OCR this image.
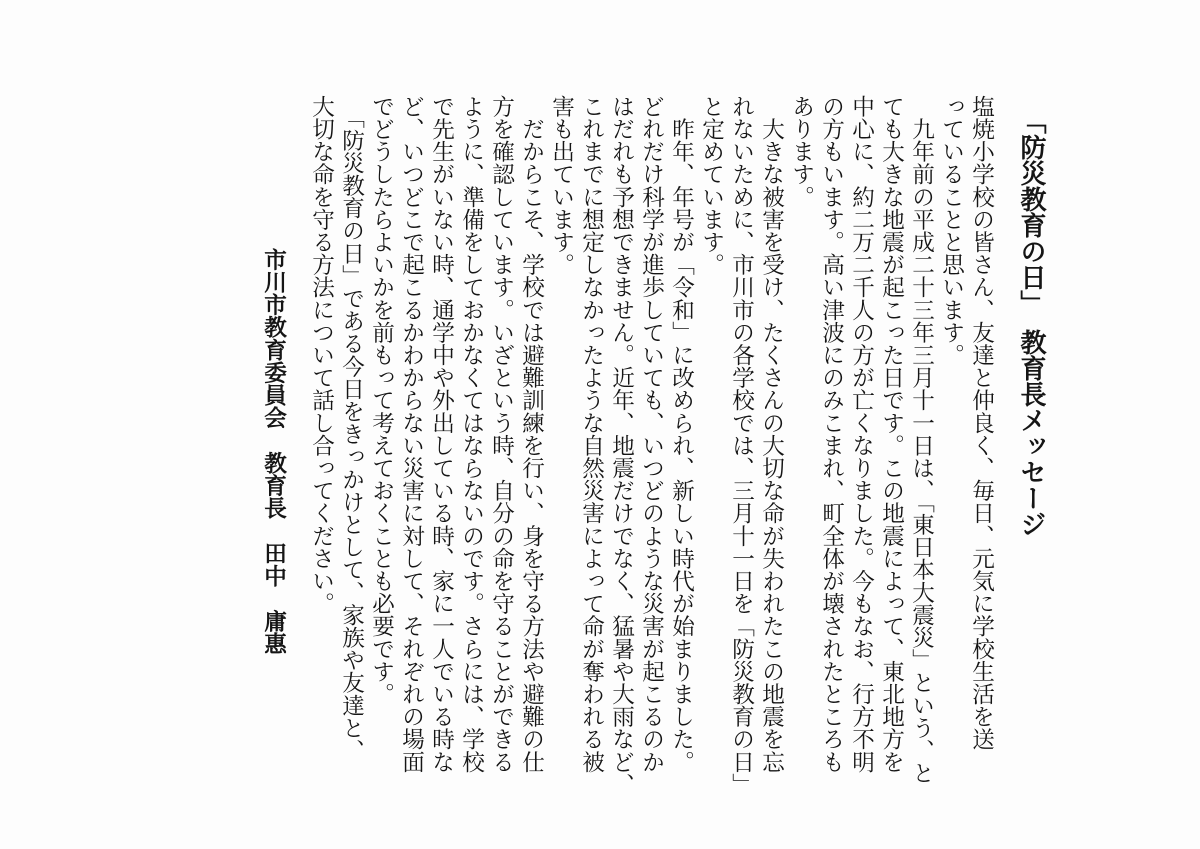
「防災教育の日」　教育長メッセージ
塩焼小学校の皆さん、友達と仲良く、毎日、元気に学校生活を送
っていることと思います。
　九年前の平成二十三年三月十一日は、「東日本大震災」という、と
ても大きな地震が起こった日です。この地震によって、東北地方を
中心に、約二万二千人の方が亡くなりました。今もなお、行方不明
の方もいます。高い津波にのみこまれ、町全体が壊されたところも
あります。
　大きな被害を受け、たくさんの大切な命が失われたこの地震を忘
れないために、市川市の各学校では、三月十一日を「防災教育の日」
と定めています。
　昨年、年号が「令和」に改められ、新しい時代が始まりました。
どれだけ科学が進歩していても、いつどのような災害が起こるのか
はだれも予想できません。近年、地震だけでなく、猛暑や大雨など、
これまでに想定しなかったような自然災害によって命が奪われる被
害も出ています。
　だからこそ、学校では避難訓練を行い、身を守る方法や避難の仕
方を確認しています。いざという時、自分の命を守ることができる
ように、準備をしておかなくてはならないのです。さらには、学校
で先生がいない時、通学中や外出している時、家に一人でいる時な
ど、いつどこで起こるかわからない災害に対して、それぞれの場面
でどうしたらよいかを前もって考えておくことも必要です。
　「防災教育の日」である今日をきっかけとして、家族や友達と、
大切な命を守る方法について話し合ってください。
市川市教育委員会　教育長　田中　庸惠
